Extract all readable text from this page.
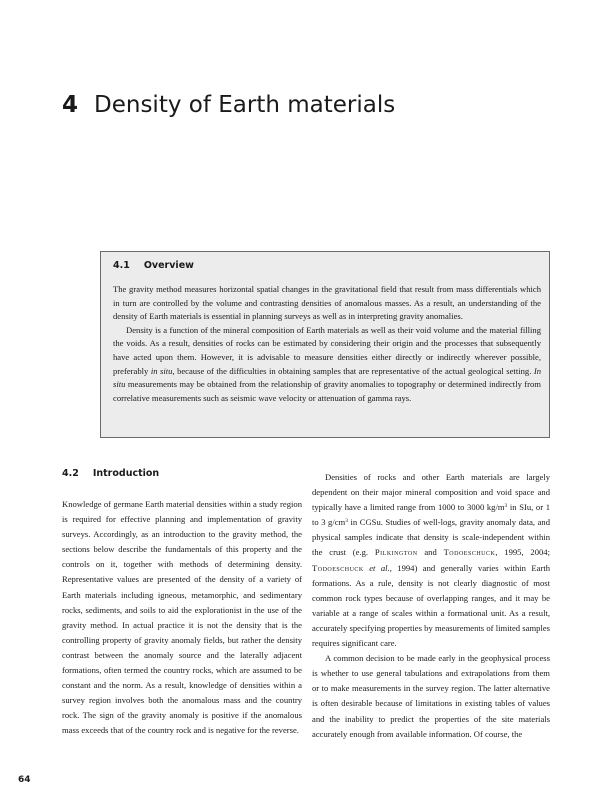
4 Density of Earth materials
4.1 Overview

The gravity method measures horizontal spatial changes in the gravitational field that result from mass differentials which in turn are controlled by the volume and contrasting densities of anomalous masses. As a result, an understanding of the density of Earth materials is essential in planning surveys as well as in interpreting gravity anomalies.

Density is a function of the mineral composition of Earth materials as well as their void volume and the material filling the voids. As a result, densities of rocks can be estimated by considering their origin and the processes that subsequently have acted upon them. However, it is advisable to measure densities either directly or indirectly wherever possible, preferably in situ, because of the difficulties in obtaining samples that are representative of the actual geological setting. In situ measurements may be obtained from the relationship of gravity anomalies to topography or determined indirectly from correlative measurements such as seismic wave velocity or attenuation of gamma rays.

4.2 Introduction

Knowledge of germane Earth material densities within a study region is required for effective planning and implementation of gravity surveys. Accordingly, as an introduction to the gravity method, the sections below describe the fundamentals of this property and the controls on it, together with methods of determining density. Representative values are presented of the density of a variety of Earth materials including igneous, metamorphic, and sedimentary rocks, sediments, and soils to aid the explorationist in the use of the gravity method. In actual practice it is not the density that is the controlling property of gravity anomaly fields, but rather the density contrast between the anomaly source and the laterally adjacent formations, often termed the country rocks, which are assumed to be constant and the norm. As a result, knowledge of densities within a survey region involves both the anomalous mass and the country rock. The sign of the gravity anomaly is positive if the anomalous mass exceeds that of the country rock and is negative for the reverse.

Densities of rocks and other Earth materials are largely dependent on their major mineral composition and void space and typically have a limited range from 1000 to 3000 $kg/m^3$ in SIu, or 1 to 3 $g/cm^3$ in CGSu. Studies of well-logs, gravity anomaly data, and physical samples indicate that density is scale-independent within the crust (e.g. Pilkington and Todoeschuck, 1995, 2004; Todoeschuck et al., 1994) and generally varies within Earth formations. As a rule, density is not clearly diagnostic of most common rock types because of overlapping ranges, and it may be variable at a range of scales within a formational unit. As a result, accurately specifying properties by measurements of limited samples requires significant care.

A common decision to be made early in the geophysical process is whether to use general tabulations and extrapolations from them or to make measurements in the survey region. The latter alternative is often desirable because of limitations in existing tables of values and the inability to predict the properties of the site materials accurately enough from available information. Of course, the

64
